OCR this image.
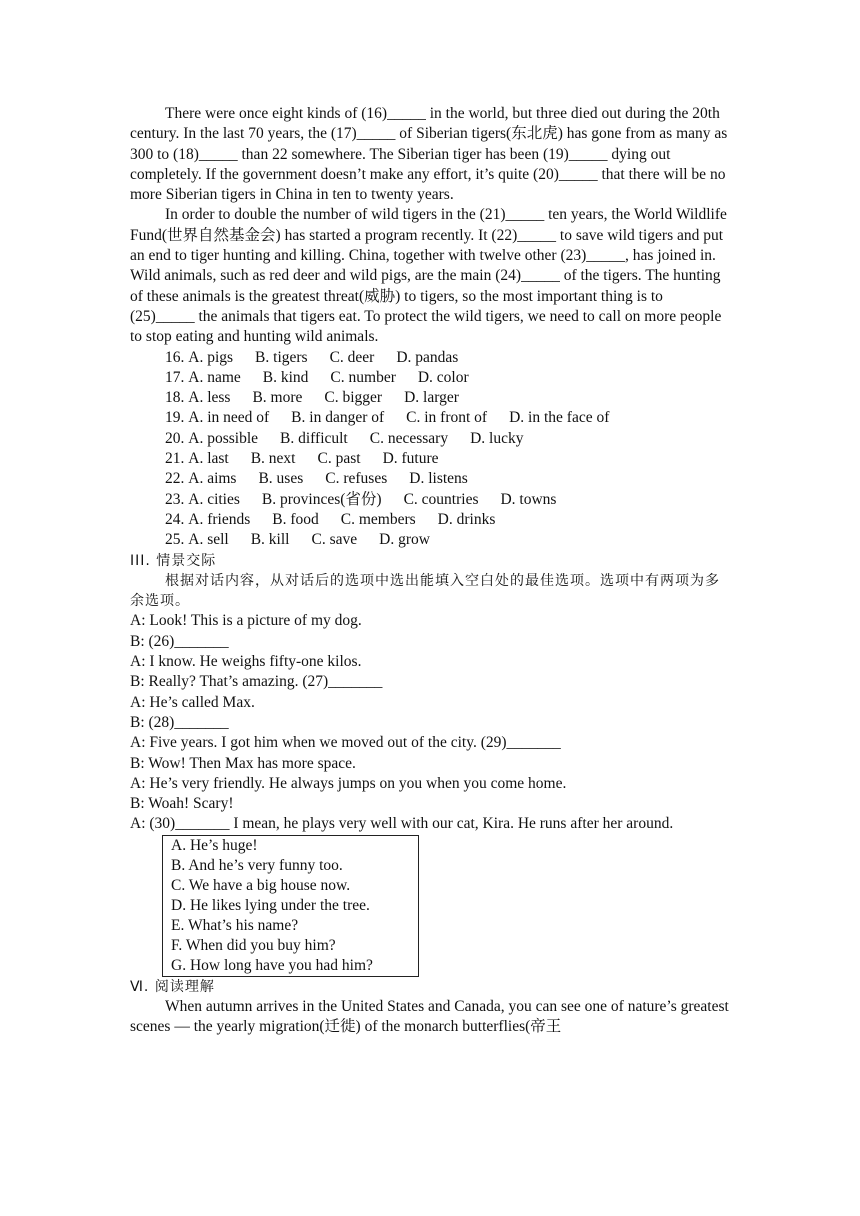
There were once eight kinds of (16)_____ in the world, but three died out during the 20th century. In the last 70 years, the (17)_____ of Siberian tigers(东北虎) has gone from as many as 300 to (18)_____ than 22 somewhere. The Siberian tiger has been (19)_____ dying out completely. If the government doesn’t make any effort, it’s quite (20)_____ that there will be no more Siberian tigers in China in ten to twenty years.

In order to double the number of wild tigers in the (21)_____ ten years, the World Wildlife Fund(世界自然基金会) has started a program recently. It (22)_____ to save wild tigers and put an end to tiger hunting and killing. China, together with twelve other (23)_____, has joined in. Wild animals, such as red deer and wild pigs, are the main (24)_____ of the tigers. The hunting of these animals is the greatest threat(威胁) to tigers, so the most important thing is to (25)_____ the animals that tigers eat. To protect the wild tigers, we need to call on more people to stop eating and hunting wild animals.

16. A. pigs B. tigers C. deer D. pandas
17. A. name B. kind C. number D. color
18. A. less B. more C. bigger D. larger
19. A. in need of B. in danger of C. in front of D. in the face of
20. A. possible B. difficult C. necessary D. lucky
21. A. last B. next C. past D. future
22. A. aims B. uses C. refuses D. listens
23. A. cities B. provinces(省份) C. countries D. towns
24. A. friends B. food C. members D. drinks
25. A. sell B. kill C. save D. grow

III. 情景交际

根据对话内容，从对话后的选项中选出能填入空白处的最佳选项。选项中有两项为多余选项。

A: Look! This is a picture of my dog.
B: (26)_______
A: I know. He weighs fifty-one kilos.
B: Really? That’s amazing. (27)_______
A: He’s called Max.
B: (28)_______
A: Five years. I got him when we moved out of the city. (29)_______
B: Wow! Then Max has more space.
A: He’s very friendly. He always jumps on you when you come home.
B: Woah! Scary!
A: (30)_______ I mean, he plays very well with our cat, Kira. He runs after her around.
A. He’s huge!
B. And he’s very funny too.
C. We have a big house now.
D. He likes lying under the tree.
E. What’s his name?
F. When did you buy him?
G. How long have you had him?

Ⅵ. 阅读理解

When autumn arrives in the United States and Canada, you can see one of nature’s greatest scenes — the yearly migration(迁徙) of the monarch butterflies(帝王
